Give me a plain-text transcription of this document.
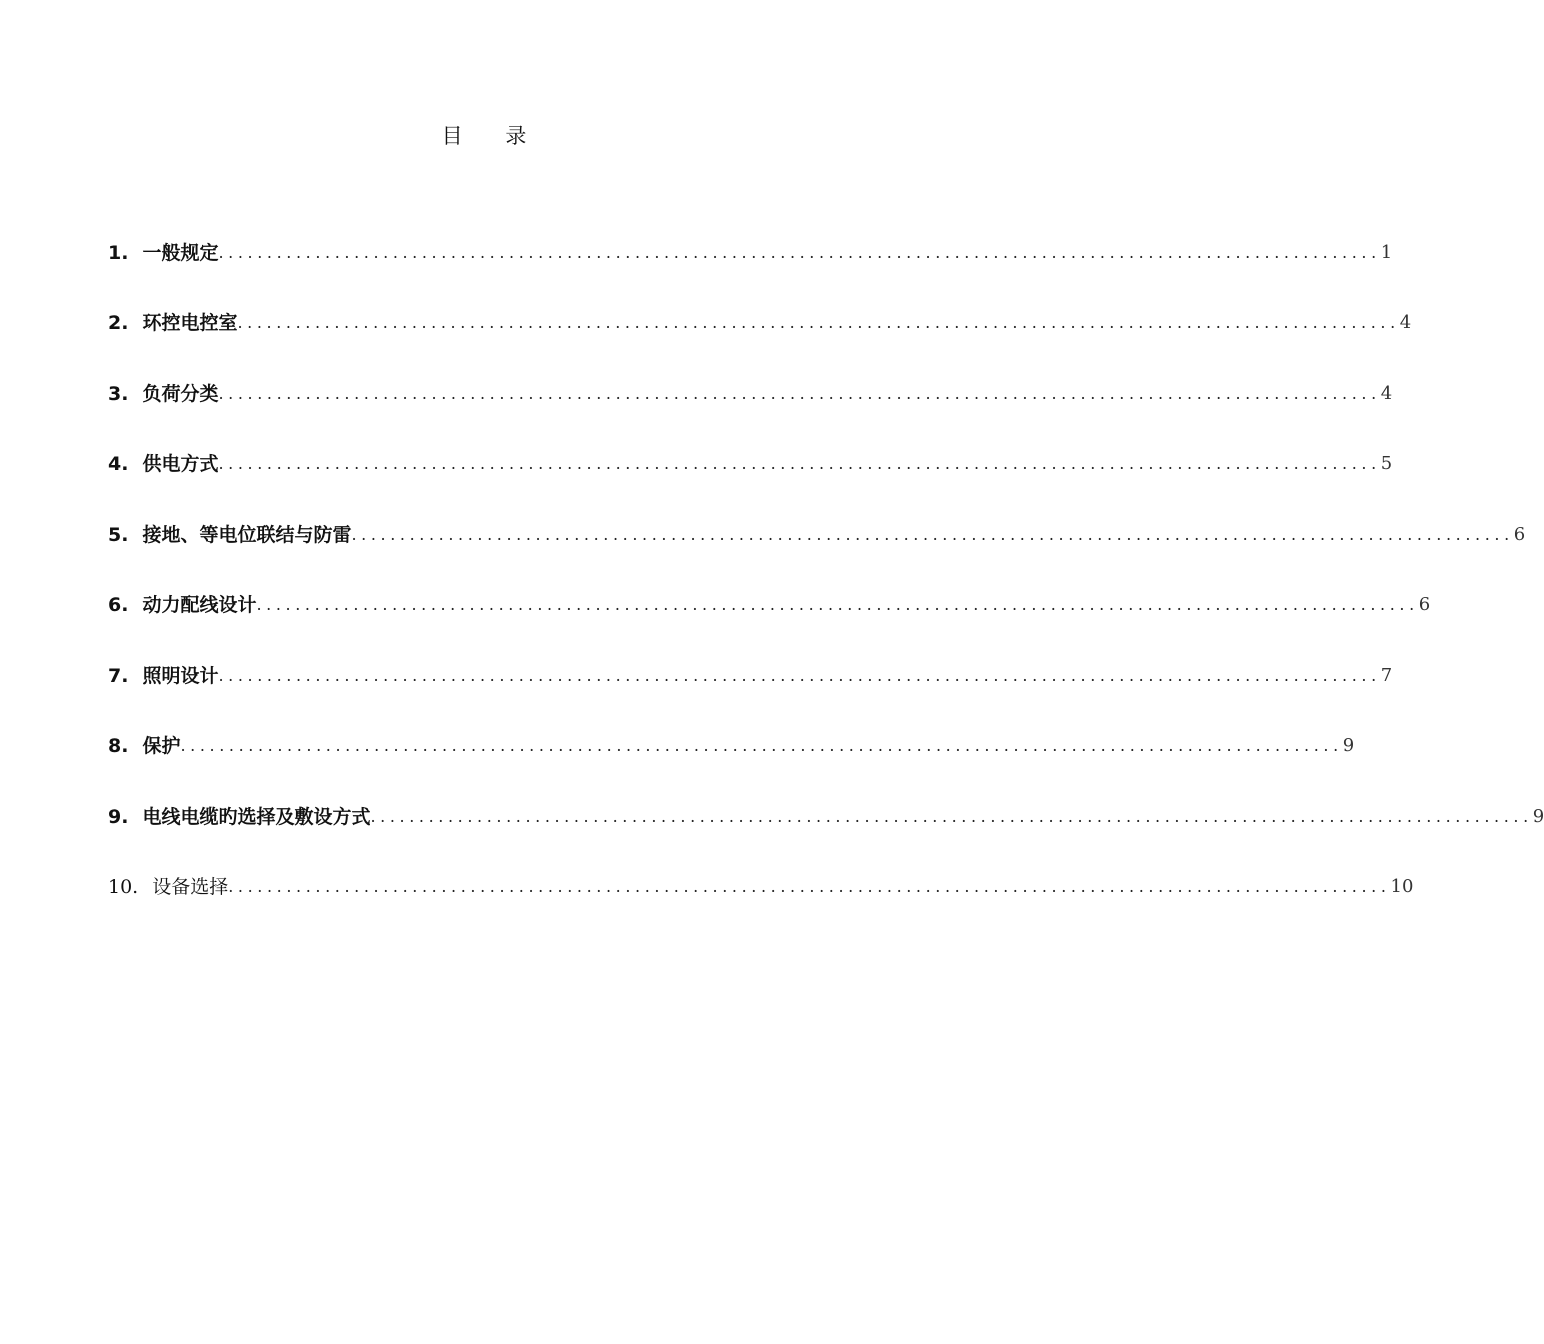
目 录
1. 一般规定 ........................................................................................................................ 1
2. 环控电控室 ........................................................................................................................ 4
3. 负荷分类 ........................................................................................................................ 4
4. 供电方式 ........................................................................................................................ 5
5. 接地、等电位联结与防雷 ........................................................................................................................ 6
6. 动力配线设计 ........................................................................................................................ 6
7. 照明设计 ........................................................................................................................ 7
8. 保护 ........................................................................................................................ 9
9. 电线电缆旳选择及敷设方式 ........................................................................................................................ 9
10. 设备选择 ........................................................................................................................ 10
